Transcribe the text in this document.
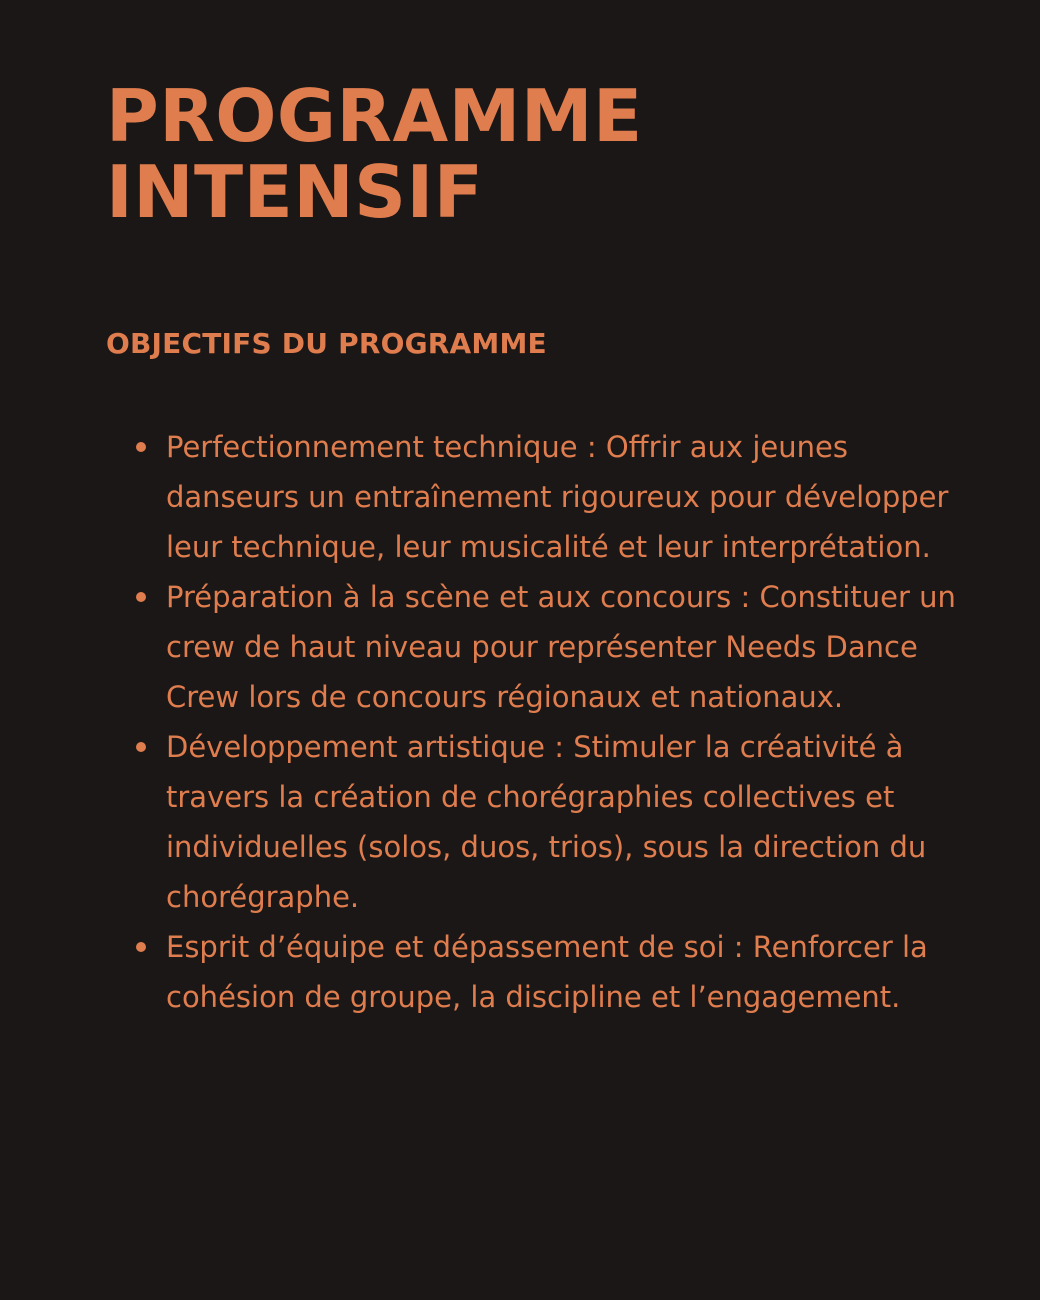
PROGRAMME
INTENSIF
OBJECTIFS DU PROGRAMME
Perfectionnement technique : Offrir aux jeunes danseurs un entraînement rigoureux pour développer leur technique, leur musicalité et leur interprétation.
Préparation à la scène et aux concours : Constituer un crew de haut niveau pour représenter Needs Dance Crew lors de concours régionaux et nationaux.
Développement artistique : Stimuler la créativité à travers la création de chorégraphies collectives et individuelles (solos, duos, trios), sous la direction du chorégraphe.
Esprit d’équipe et dépassement de soi : Renforcer la cohésion de groupe, la discipline et l’engagement.
